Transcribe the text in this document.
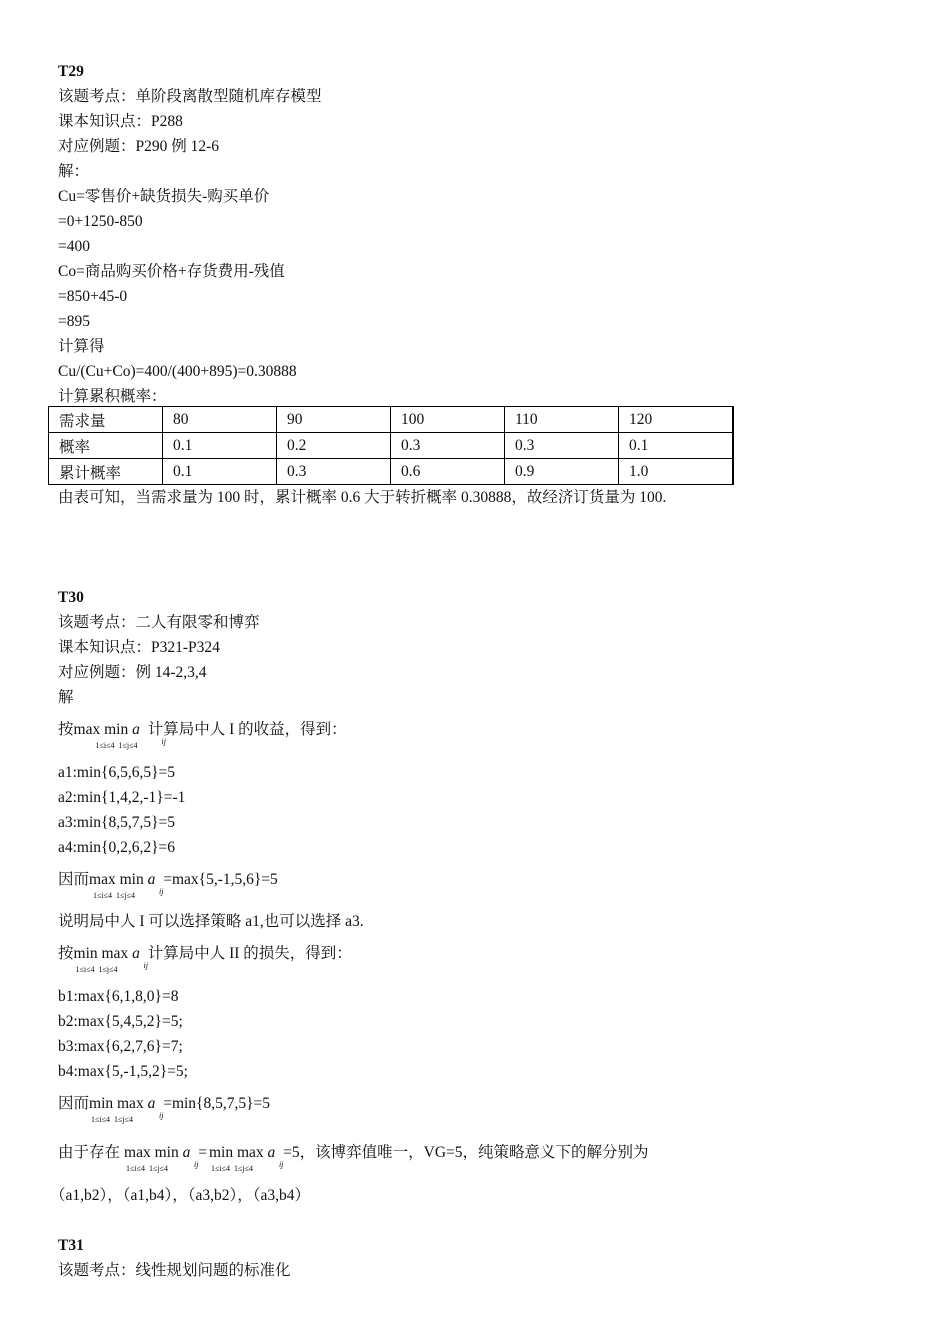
T29
该题考点：单阶段离散型随机库存模型
课本知识点：P288
对应例题：P290 例 12-6
解：
Cu=零售价+缺货损失-购买单价
=0+1250-850
=400
Co=商品购买价格+存货费用-残值
=850+45-0
=895
计算得
Cu/(Cu+Co)=400/(400+895)=0.30888
计算累积概率：
需求量	80	90	100	110	120
概率	0.1	0.2	0.3	0.3	0.1
累计概率	0.1	0.3	0.6	0.9	1.0
由表可知，当需求量为 100 时，累计概率 0.6 大于转折概率 0.30888，故经济订货量为 100.
T30
该题考点：二人有限零和博弈
课本知识点：P321-P324
对应例题：例 14-2,3,4
解
按max min a
1≤i≤4 1≤j≤4	ij
计算局中人 I 的收益，得到：
a1:min{6,5,6,5}=5
a2:min{1,4,2,-1}=-1
a3:min{8,5,7,5}=5
a4:min{0,2,6,2}=6
因而max min a
1≤i≤4 1≤j≤4	ij
=max{5,-1,5,6}=5
说明局中人 I 可以选择策略 a1,也可以选择 a3.
按min max a
1≤i≤4 1≤j≤4	ij
计算局中人 II 的损失，得到：
b1:max{6,1,8,0}=8
b2:max{5,4,5,2}=5;
b3:max{6,2,7,6}=7;
b4:max{5,-1,5,2}=5;
因而min max a
1≤i≤4 1≤j≤4	ij
=min{8,5,7,5}=5
由于存在 max min a
1≤i≤4 1≤j≤4	ij
= min max a
1≤i≤4 1≤j≤4	ij
=5，该博弈值唯一，VG=5，纯策略意义下的解分别为
（a1,b2），（a1,b4），（a3,b2），（a3,b4）
T31
该题考点：线性规划问题的标准化
